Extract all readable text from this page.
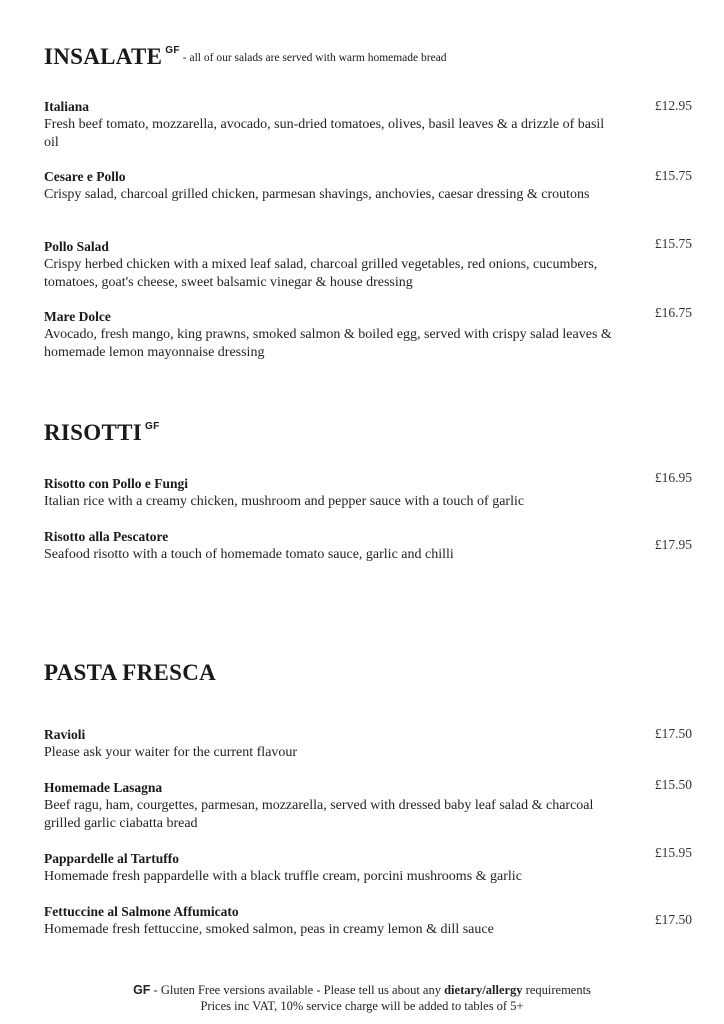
INSALATE $^{GF}$- all of our salads are served with warm homemade bread
Italiana
Fresh beef tomato, mozzarella, avocado, sun-dried tomatoes, olives, basil leaves & a drizzle of basil oil
£12.95
Cesare e Pollo
Crispy salad, charcoal grilled chicken, parmesan shavings, anchovies, caesar dressing & croutons
£15.75
Pollo Salad
Crispy herbed chicken with a mixed leaf salad, charcoal grilled vegetables, red onions, cucumbers, tomatoes, goat's cheese, sweet balsamic vinegar & house dressing
£15.75
Mare Dolce
Avocado, fresh mango, king prawns, smoked salmon & boiled egg, served with crispy salad leaves & homemade lemon mayonnaise dressing
£16.75
RISOTTI $^{GF}$
Risotto con Pollo e Fungi
Italian rice with a creamy chicken, mushroom and pepper sauce with a touch of garlic
£16.95
Risotto alla Pescatore
Seafood risotto with a touch of homemade tomato sauce, garlic and chilli
£17.95
PASTA FRESCA
Ravioli
Please ask your waiter for the current flavour
£17.50
Homemade Lasagna
Beef ragu, ham, courgettes, parmesan, mozzarella, served with dressed baby leaf salad & charcoal grilled garlic ciabatta bread
£15.50
Pappardelle al Tartuffo
Homemade fresh pappardelle with a black truffle cream, porcini mushrooms & garlic
£15.95
Fettuccine al Salmone Affumicato
Homemade fresh fettuccine, smoked salmon, peas in creamy lemon & dill sauce
£17.50
GF - Gluten Free versions available - Please tell us about any dietary/allergy requirements
Prices inc VAT, 10% service charge will be added to tables of 5+
